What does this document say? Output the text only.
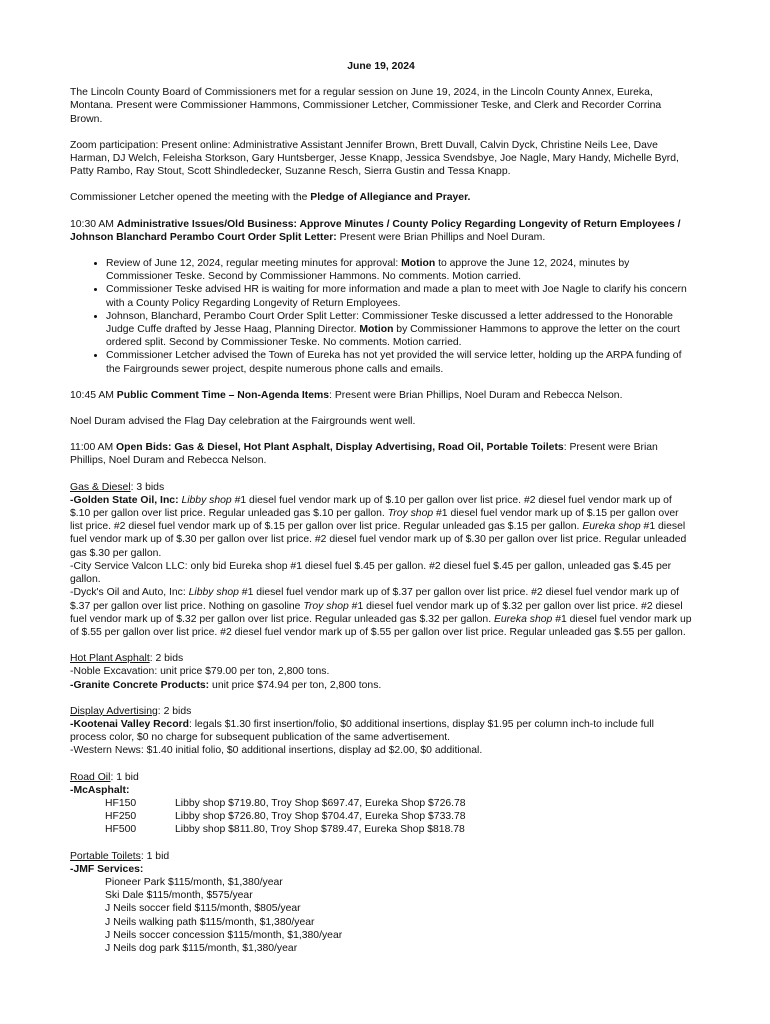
June 19, 2024

The Lincoln County Board of Commissioners met for a regular session on June 19, 2024, in the Lincoln County Annex, Eureka, Montana. Present were Commissioner Hammons, Commissioner Letcher, Commissioner Teske, and Clerk and Recorder Corrina Brown.

Zoom participation: Present online: Administrative Assistant Jennifer Brown, Brett Duvall, Calvin Dyck, Christine Neils Lee, Dave Harman, DJ Welch, Feleisha Storkson, Gary Huntsberger, Jesse Knapp, Jessica Svendsbye, Joe Nagle, Mary Handy, Michelle Byrd, Patty Rambo, Ray Stout, Scott Shindledecker, Suzanne Resch, Sierra Gustin and Tessa Knapp.

Commissioner Letcher opened the meeting with the Pledge of Allegiance and Prayer.

10:30 AM Administrative Issues/Old Business: Approve Minutes / County Policy Regarding Longevity of Return Employees / Johnson Blanchard Perambo Court Order Split Letter: Present were Brian Phillips and Noel Duram.

• Review of June 12, 2024, regular meeting minutes for approval: Motion to approve the June 12, 2024, minutes by Commissioner Teske. Second by Commissioner Hammons. No comments. Motion carried.
• Commissioner Teske advised HR is waiting for more information and made a plan to meet with Joe Nagle to clarify his concern with a County Policy Regarding Longevity of Return Employees.
• Johnson, Blanchard, Perambo Court Order Split Letter: Commissioner Teske discussed a letter addressed to the Honorable Judge Cuffe drafted by Jesse Haag, Planning Director. Motion by Commissioner Hammons to approve the letter on the court ordered split. Second by Commissioner Teske. No comments. Motion carried.
• Commissioner Letcher advised the Town of Eureka has not yet provided the will service letter, holding up the ARPA funding of the Fairgrounds sewer project, despite numerous phone calls and emails.

10:45 AM Public Comment Time – Non-Agenda Items: Present were Brian Phillips, Noel Duram and Rebecca Nelson.

Noel Duram advised the Flag Day celebration at the Fairgrounds went well.

11:00 AM Open Bids: Gas & Diesel, Hot Plant Asphalt, Display Advertising, Road Oil, Portable Toilets: Present were Brian Phillips, Noel Duram and Rebecca Nelson.

Gas & Diesel: 3 bids
-Golden State Oil, Inc: Libby shop #1 diesel fuel vendor mark up of $.10 per gallon over list price. #2 diesel fuel vendor mark up of $.10 per gallon over list price. Regular unleaded gas $.10 per gallon. Troy shop #1 diesel fuel vendor mark up of $.15 per gallon over list price. #2 diesel fuel vendor mark up of $.15 per gallon over list price. Regular unleaded gas $.15 per gallon. Eureka shop #1 diesel fuel vendor mark up of $.30 per gallon over list price. #2 diesel fuel vendor mark up of $.30 per gallon over list price. Regular unleaded gas $.30 per gallon.
-City Service Valcon LLC: only bid Eureka shop #1 diesel fuel $.45 per gallon. #2 diesel fuel $.45 per gallon, unleaded gas $.45 per gallon.
-Dyck's Oil and Auto, Inc: Libby shop #1 diesel fuel vendor mark up of $.37 per gallon over list price. #2 diesel fuel vendor mark up of $.37 per gallon over list price. Nothing on gasoline Troy shop #1 diesel fuel vendor mark up of $.32 per gallon over list price. #2 diesel fuel vendor mark up of $.32 per gallon over list price. Regular unleaded gas $.32 per gallon. Eureka shop #1 diesel fuel vendor mark up of $.55 per gallon over list price. #2 diesel fuel vendor mark up of $.55 per gallon over list price. Regular unleaded gas $.55 per gallon.
Hot Plant Asphalt: 2 bids
-Noble Excavation: unit price $79.00 per ton, 2,800 tons.
-Granite Concrete Products: unit price $74.94 per ton, 2,800 tons.
Display Advertising: 2 bids
-Kootenai Valley Record: legals $1.30 first insertion/folio, $0 additional insertions, display $1.95 per column inch-to include full process color, $0 no charge for subsequent publication of the same advertisement.
-Western News: $1.40 initial folio, $0 additional insertions, display ad $2.00, $0 additional.
Road Oil: 1 bid
-McAsphalt:
HF150	Libby shop $719.80, Troy Shop $697.47, Eureka Shop $726.78
HF250	Libby shop $726.80, Troy Shop $704.47, Eureka Shop $733.78
HF500	Libby shop $811.80, Troy Shop $789.47, Eureka Shop $818.78
Portable Toilets: 1 bid
-JMF Services:
Pioneer Park $115/month, $1,380/year
Ski Dale $115/month, $575/year
J Neils soccer field $115/month, $805/year
J Neils walking path $115/month, $1,380/year
J Neils soccer concession $115/month, $1,380/year
J Neils dog park $115/month, $1,380/year
